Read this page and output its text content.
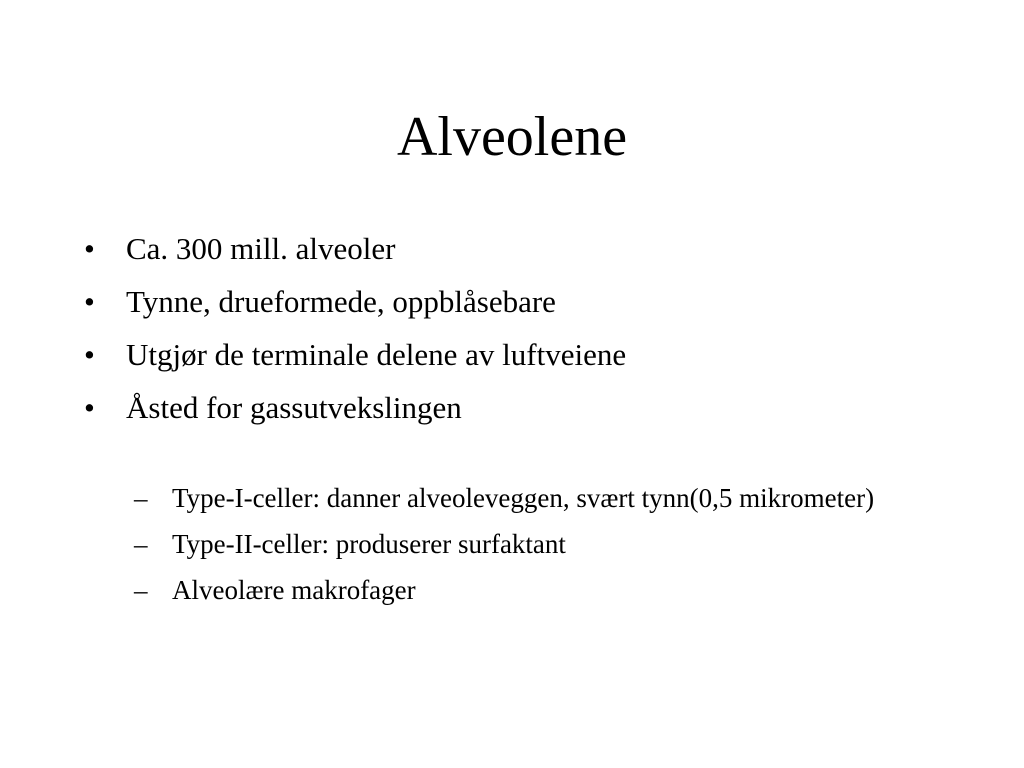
Alveolene
•	Ca. 300 mill. alveoler
•	Tynne, drueformede, oppblåsebare
•	Utgjør de terminale delene av luftveiene
•	Åsted for gassutvekslingen
– Type-I-celler: danner alveoleveggen, svært tynn(0,5 mikrometer)
– Type-II-celler: produserer surfaktant
– Alveolære makrofager
